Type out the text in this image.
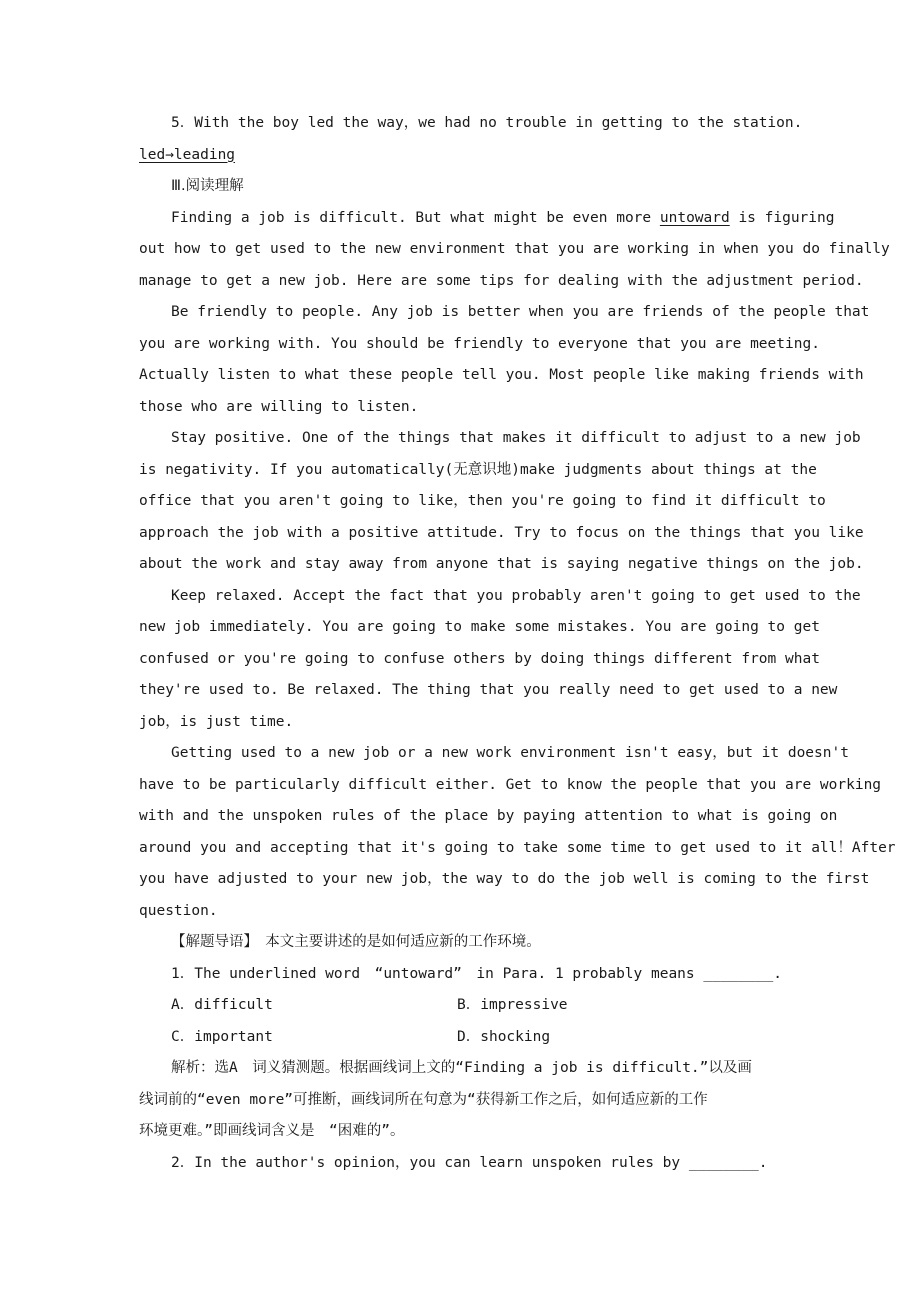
5．With the boy led the way，we had no trouble in getting to the station.
led→leading
Ⅲ.阅读理解
Finding a job is difficult. But what might be even more untoward is figuring
out how to get used to the new environment that you are working in when you do finally
manage to get a new job. Here are some tips for dealing with the adjustment period.
Be friendly to people. Any job is better when you are friends of the people that
you are working with. You should be friendly to everyone that you are meeting.
Actually listen to what these people tell you. Most people like making friends with
those who are willing to listen.
Stay positive. One of the things that makes it difficult to adjust to a new job
is negativity. If you automatically(无意识地)make judgments about things at the
office that you aren't going to like，then you're going to find it difficult to
approach the job with a positive attitude. Try to focus on the things that you like
about the work and stay away from anyone that is saying negative things on the job.
Keep relaxed. Accept the fact that you probably aren't going to get used to the
new job immediately. You are going to make some mistakes. You are going to get
confused or you're going to confuse others by doing things different from what
they're used to. Be relaxed. The thing that you really need to get used to a new
job，is just time.
Getting used to a new job or a new work environment isn't easy，but it doesn't
have to be particularly difficult either. Get to know the people that you are working
with and the unspoken rules of the place by paying attention to what is going on
around you and accepting that it's going to take some time to get used to it all！After
you have adjusted to your new job，the way to do the job well is coming to the first
question.
【解题导语】　本文主要讲述的是如何适应新的工作环境。
1．The underlined word　“untoward”　in Para. 1 probably means ________.
A．difficult	B．impressive
C．important	D．shocking
解析：选A　词义猜测题。根据画线词上文的“Finding a job is difficult.”以及画
线词前的“even more”可推断，画线词所在句意为“获得新工作之后，如何适应新的工作
环境更难。”即画线词含义是　“困难的”。
2．In the author's opinion，you can learn unspoken rules by ________.
